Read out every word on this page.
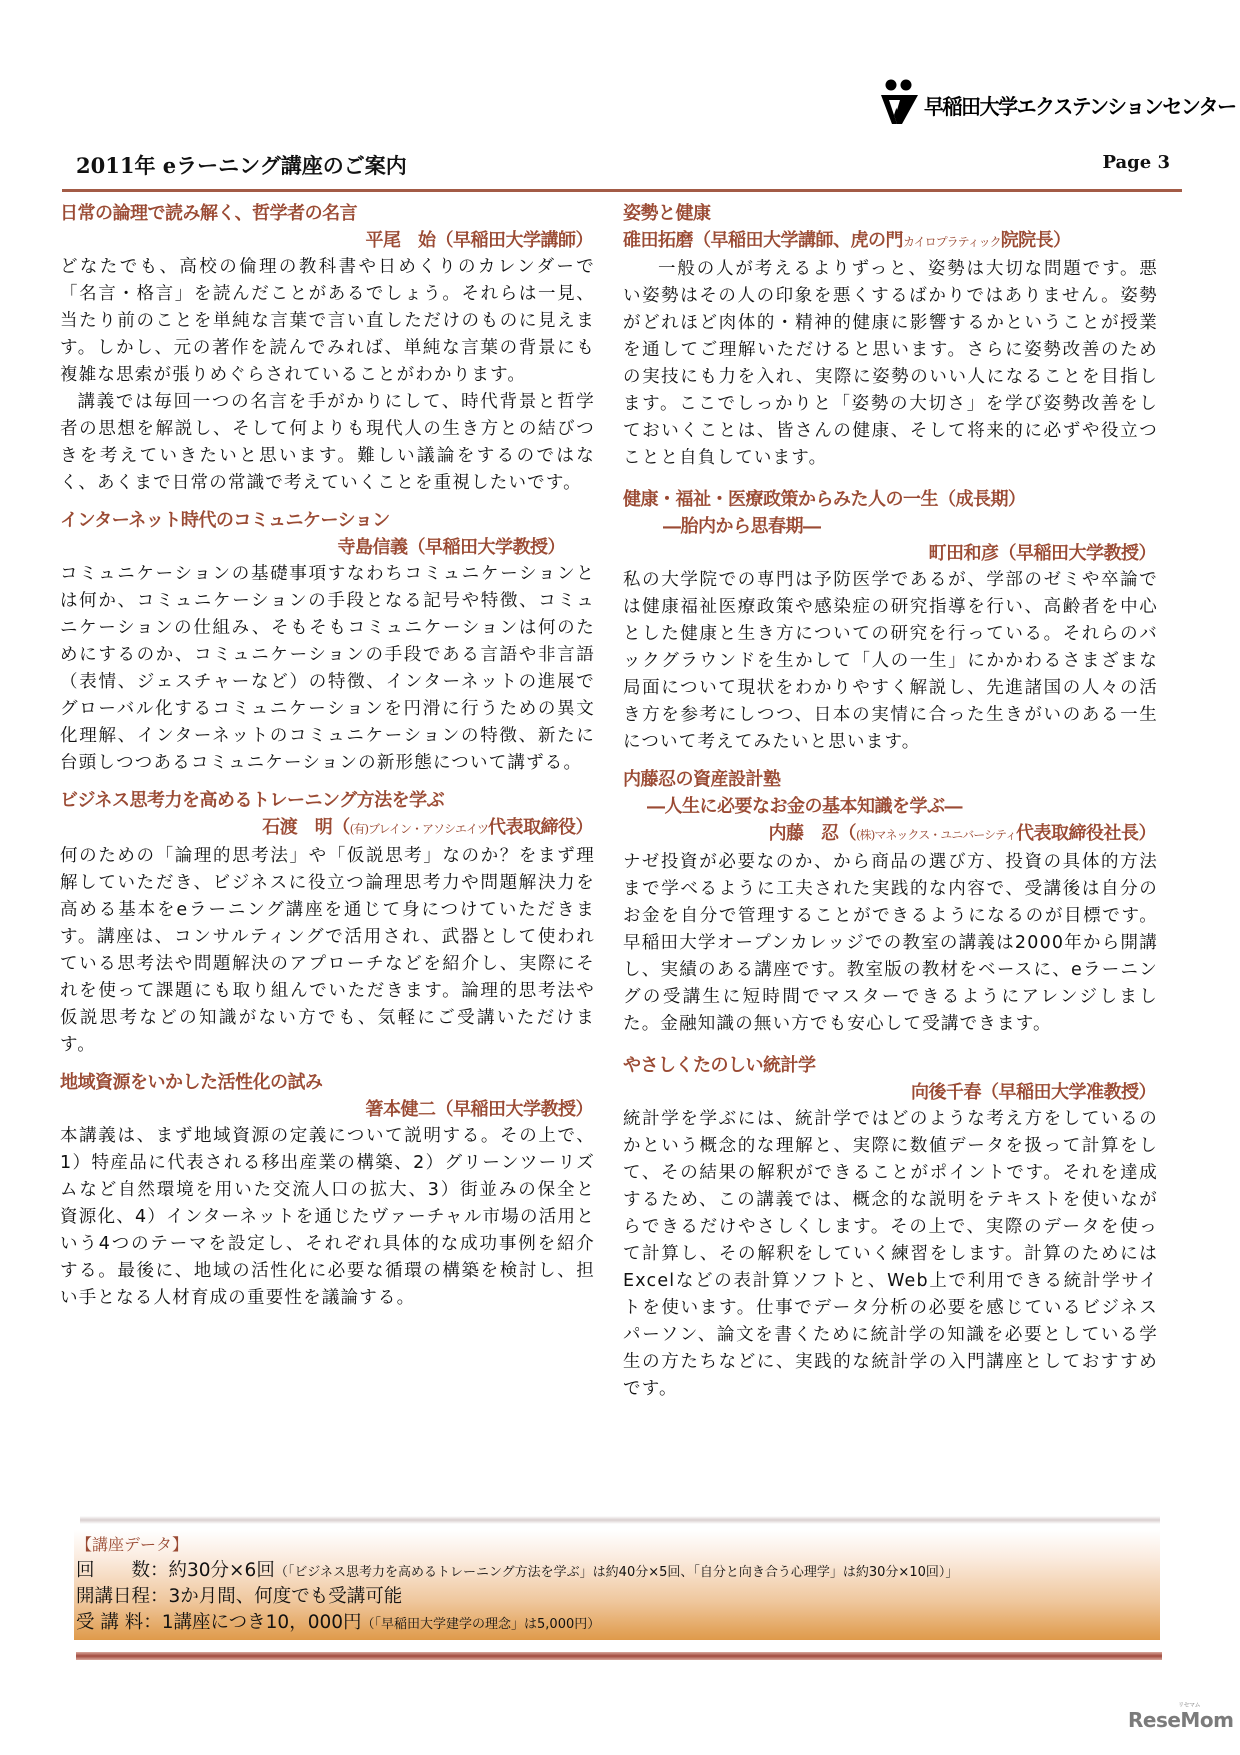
早稲田大学エクステンションセンター
2011年 eラーニング講座のご案内	Page 3
日常の論理で読み解く、哲学者の名言
平尾　始（早稲田大学講師）

どなたでも、高校の倫理の教科書や日めくりのカレンダーで「名言・格言」を読んだことがあるでしょう。それらは一見、当たり前のことを単純な言葉で言い直しただけのものに見えます。しかし、元の著作を読んでみれば、単純な言葉の背景にも複雑な思索が張りめぐらされていることがわかります。

講義では毎回一つの名言を手がかりにして、時代背景と哲学者の思想を解説し、そして何よりも現代人の生き方との結びつきを考えていきたいと思います。難しい議論をするのではなく、あくまで日常の常識で考えていくことを重視したいです。

インターネット時代のコミュニケーション
寺島信義（早稲田大学教授）

コミュニケーションの基礎事項すなわちコミュニケーションとは何か、コミュニケーションの手段となる記号や特徴、コミュニケーションの仕組み、そもそもコミュニケーションは何のためにするのか、コミュニケーションの手段である言語や非言語（表情、ジェスチャーなど）の特徴、インターネットの進展でグローバル化するコミュニケーションを円滑に行うための異文化理解、インターネットのコミュニケーションの特徴、新たに台頭しつつあるコミュニケーションの新形態について講ずる。

ビジネス思考力を高めるトレーニング方法を学ぶ
石渡　明（(有)ブレイン・アソシエイツ代表取締役）

何のための「論理的思考法」や「仮説思考」なのか？をまず理解していただき、ビジネスに役立つ論理思考力や問題解決力を高める基本をeラーニング講座を通じて身につけていただきます。講座は、コンサルティングで活用され、武器として使われている思考法や問題解決のアプローチなどを紹介し、実際にそれを使って課題にも取り組んでいただきます。論理的思考法や仮説思考などの知識がない方でも、気軽にご受講いただけます。

地域資源をいかした活性化の試み
箸本健二（早稲田大学教授）

本講義は、まず地域資源の定義について説明する。その上で、1）特産品に代表される移出産業の構築、2）グリーンツーリズムなど自然環境を用いた交流人口の拡大、3）街並みの保全と資源化、4）インターネットを通じたヴァーチャル市場の活用という4つのテーマを設定し、それぞれ具体的な成功事例を紹介する。最後に、地域の活性化に必要な循環の構築を検討し、担い手となる人材育成の重要性を議論する。

姿勢と健康
碓田拓磨（早稲田大学講師、虎の門カイロプラティック院院長）

一般の人が考えるよりずっと、姿勢は大切な問題です。悪い姿勢はその人の印象を悪くするばかりではありません。姿勢がどれほど肉体的・精神的健康に影響するかということが授業を通してご理解いただけると思います。さらに姿勢改善のための実技にも力を入れ、実際に姿勢のいい人になることを目指します。ここでしっかりと「姿勢の大切さ」を学び姿勢改善をしておいくことは、皆さんの健康、そして将来的に必ずや役立つことと自負しています。

健康・福祉・医療政策からみた人の一生（成長期）
―胎内から思春期―
町田和彦（早稲田大学教授）

私の大学院での専門は予防医学であるが、学部のゼミや卒論では健康福祉医療政策や感染症の研究指導を行い、高齢者を中心とした健康と生き方についての研究を行っている。それらのバックグラウンドを生かして「人の一生」にかかわるさまざまな局面について現状をわかりやすく解説し、先進諸国の人々の活き方を参考にしつつ、日本の実情に合った生きがいのある一生について考えてみたいと思います。

内藤忍の資産設計塾
―人生に必要なお金の基本知識を学ぶ―
内藤　忍（(株)マネックス・ユニバーシティ代表取締役社長）

ナゼ投資が必要なのか、から商品の選び方、投資の具体的方法まで学べるように工夫された実践的な内容で、受講後は自分のお金を自分で管理することができるようになるのが目標です。早稲田大学オープンカレッジでの教室の講義は2000年から開講し、実績のある講座です。教室版の教材をベースに、eラーニングの受講生に短時間でマスターできるようにアレンジしました。金融知識の無い方でも安心して受講できます。

やさしくたのしい統計学
向後千春（早稲田大学准教授）

統計学を学ぶには、統計学ではどのような考え方をしているのかという概念的な理解と、実際に数値データを扱って計算をして、その結果の解釈ができることがポイントです。それを達成するため、この講義では、概念的な説明をテキストを使いながらできるだけやさしくします。その上で、実際のデータを使って計算し、その解釈をしていく練習をします。計算のためにはExcelなどの表計算ソフトと、Web上で利用できる統計学サイトを使います。仕事でデータ分析の必要を感じているビジネスパーソン、論文を書くために統計学の知識を必要としている学生の方たちなどに、実践的な統計学の入門講座としておすすめです。

【講座データ】
回　　数：約30分×6回（「ビジネス思考力を高めるトレーニング方法を学ぶ」は約40分×5回、「自分と向き合う心理学」は約30分×10回）」
開講日程：3か月間、何度でも受講可能
受 講 料：1講座につき10，000円（「早稲田大学建学の理念」は5,000円）
リセマム
ReseMom
